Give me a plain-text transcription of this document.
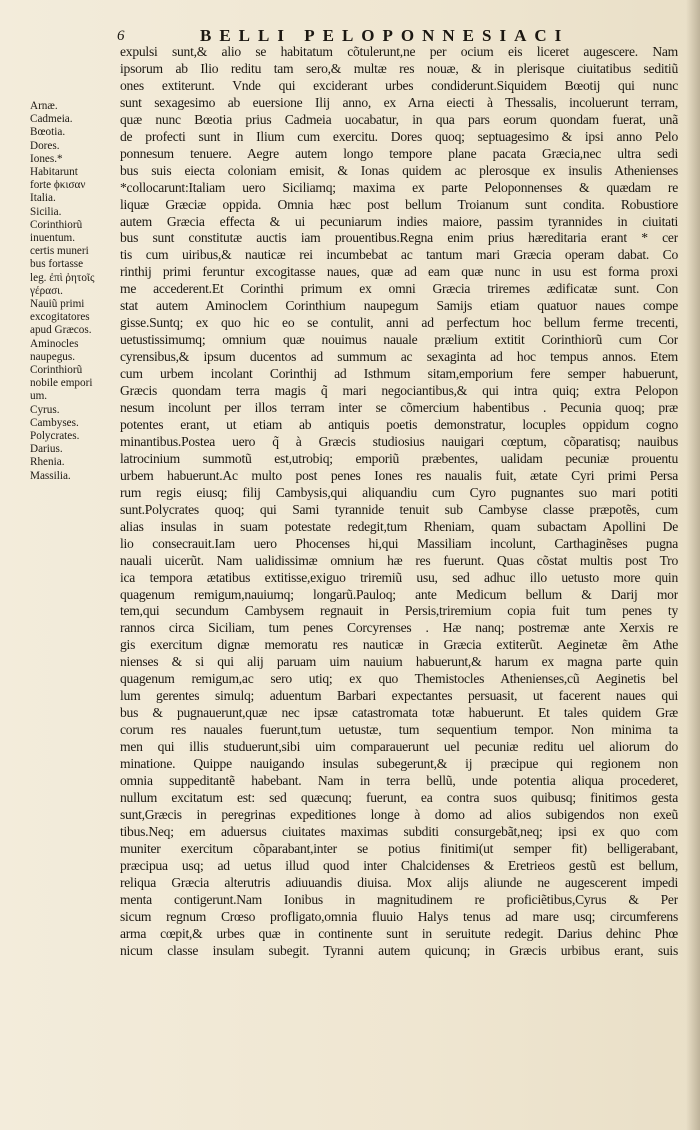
6	BELLI PELOPONNESIACI
Arnæ.
Cadmeia.
Bœotia.
Dores.
Iones.*
Habitarunt
forte ϕκισαν
Italia.
Sicilia.
Corinthiorũ
inuentum.
certis muneri
bus fortasse
leg. ἐπὶ ῥητοῖς
γέρασι.
Nauiũ primi
excogitatores
apud Græcos.
Aminocles
naupegus.
Corinthiorũ
nobile empori
um.
Cyrus.
Cambyses.
Polycrates.
Darius.
Rhenia.
Massilia.
expulsi sunt,& alio se habitatum cõtulerunt,ne per ocium eis liceret augescere. Nam
ipsorum ab Ilio reditu tam sero,& multæ res nouæ, & in plerisque ciuitatibus seditiũ
ones extiterunt. Vnde qui exciderant urbes condiderunt.Siquidem Bœotij qui nunc
sunt sexagesimo ab euersione Ilij anno, ex Arna eiecti à Thessalis, incoluerunt terram,
quæ nunc Bœotia prius Cadmeia uocabatur, in qua pars eorum quondam fuerat, unã
de profecti sunt in Ilium cum exercitu. Dores quoq; septuagesimo & ipsi anno Pelo
ponnesum tenuere. Aegre autem longo tempore plane pacata Græcia,nec ultra sedi
bus suis eiecta coloniam emisit, & Ionas quidem ac plerosque ex insulis Athenienses
*collocarunt:Italiam uero Siciliamq; maxima ex parte Peloponnenses & quædam re
liquæ Græciæ oppida. Omnia hæc post bellum Troianum sunt condita. Robustiore
autem Græcia effecta & ui pecuniarum indies maiore, passim tyrannides in ciuitati
bus sunt constitutæ auctis iam prouentibus.Regna enim prius hæreditaria erant * cer
tis cum uiribus,& nauticæ rei incumbebat ac tantum mari Græcia operam dabat. Co
rinthij primi feruntur excogitasse naues, quæ ad eam quæ nunc in usu est forma proxi
me accederent.Et Corinthi primum ex omni Græcia triremes ædificatæ sunt. Con
stat autem Aminoclem Corinthium naupegum Samijs etiam quatuor naues compe
gisse.Suntq; ex quo hic eo se contulit, anni ad perfectum hoc bellum ferme trecenti,
uetustissimumq; omnium quæ nouimus nauale prælium extitit Corinthiorũ cum Cor
cyrensibus,& ipsum ducentos ad summum ac sexaginta ad hoc tempus annos. Etem
cum urbem incolant Corinthij ad Isthmum sitam,emporium fere semper habuerunt,
Græcis quondam terra magis q̃ mari negociantibus,& qui intra quiq; extra Pelopon
nesum incolunt per illos terram inter se cõmercium habentibus . Pecunia quoq; præ
potentes erant, ut etiam ab antiquis poetis demonstratur, locuples oppidum cogno
minantibus.Postea uero q̃ à Græcis studiosius nauigari cœptum, cõparatisq; nauibus
latrocinium summotũ est,utrobiq; emporiũ præbentes, ualidam pecuniæ prouentu
urbem habuerunt.Ac multo post penes Iones res naualis fuit, ætate Cyri primi Persa
rum regis eiusq; filij Cambysis,qui aliquandiu cum Cyro pugnantes suo mari potiti
sunt.Polycrates quoq; qui Sami tyrannide tenuit sub Cambyse classe præpotẽs, cum
alias insulas in suam potestate redegit,tum Rheniam, quam subactam Apollini De
lio consecrauit.Iam uero Phocenses hi,qui Massiliam incolunt, Carthaginẽses pugna
nauali uicerũt. Nam ualidissimæ omnium hæ res fuerunt. Quas cõstat multis post Tro
ica tempora ætatibus extitisse,exiguo triremiũ usu, sed adhuc illo uetusto more quin
quagenum remigum,nauiumq; longarũ.Pauloq; ante Medicum bellum & Darij mor
tem,qui secundum Cambysem regnauit in Persis,triremium copia fuit tum penes ty
rannos circa Siciliam, tum penes Corcyrenses . Hæ nanq; postremæ ante Xerxis re
gis exercitum dignæ memoratu res nauticæ in Græcia extiterũt. Aeginetæ ẽm Athe
nienses & si qui alij paruam uim nauium habuerunt,& harum ex magna parte quin
quagenum remigum,ac sero utiq; ex quo Themistocles Athenienses,cũ Aeginetis bel
lum gerentes simulq; aduentum Barbari expectantes persuasit, ut facerent naues qui
bus & pugnauerunt,quæ nec ipsæ catastromata totæ habuerunt. Et tales quidem Græ
corum res nauales fuerunt,tum uetustæ, tum sequentium tempor. Non minima ta
men qui illis studuerunt,sibi uim comparauerunt uel pecuniæ reditu uel aliorum do
minatione. Quippe nauigando insulas subegerunt,& ij præcipue qui regionem non
omnia suppeditantẽ habebant. Nam in terra bellũ, unde potentia aliqua procederet,
nullum excitatum est: sed quæcunq; fuerunt, ea contra suos quibusq; finitimos gesta
sunt,Græcis in peregrinas expeditiones longe à domo ad alios subigendos non exeũ
tibus.Neq; em aduersus ciuitates maximas subditi consurgebãt,neq; ipsi ex quo com
muniter exercitum cõparabant,inter se potius finitimi(ut semper fit) belligerabant,
præcipua usq; ad uetus illud quod inter Chalcidenses & Eretrieos gestũ est bellum,
reliqua Græcia alterutris adiuuandis diuisa. Mox alijs aliunde ne augescerent impedi
menta contigerunt.Nam Ionibus in magnitudinem re proficiẽtibus,Cyrus & Per
sicum regnum Crœso profligato,omnia fluuio Halys tenus ad mare usq; circumferens
arma cœpit,& urbes quæ in continente sunt in seruitute redegit. Darius dehinc Phœ
nicum classe insulam subegit. Tyranni autem quicunq; in Græcis urbibus erant, suis
